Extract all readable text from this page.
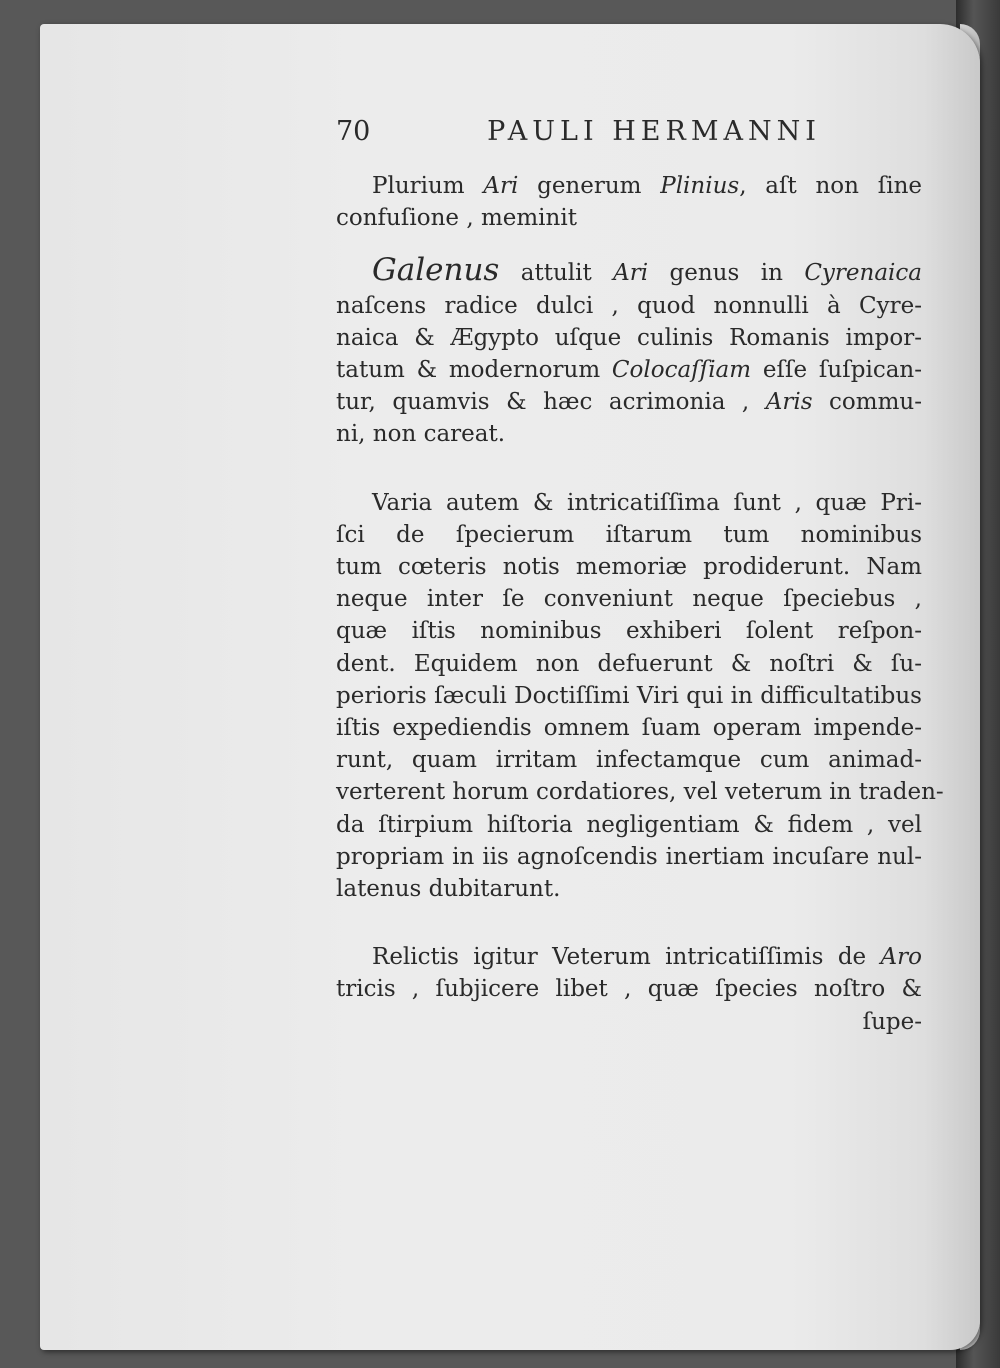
70	PAULI HERMANNI
Plurium Ari generum Plinius, aſt non ſine
confuſione , meminit
Galenus attulit Ari genus in Cyrenaica
naſcens radice dulci , quod nonnulli à Cyre-
naica & Ægypto uſque culinis Romanis impor-
tatum & modernorum Colocaſſiam eſſe ſuſpican-
tur, quamvis & hæc acrimonia , Aris commu-
ni, non careat.
Varia autem & intricatiſſima ſunt , quæ Pri-
ſci de ſpecierum iſtarum tum nominibus
tum cœteris notis memoriæ prodiderunt. Nam
neque inter ſe conveniunt neque ſpeciebus ,
quæ iſtis nominibus exhiberi ſolent reſpon-
dent. Equidem non defuerunt & noſtri & ſu-
perioris ſæculi Doctiſſimi Viri qui in difficultatibus
iſtis expediendis omnem ſuam operam impende-
runt, quam irritam infectamque cum animad-
verterent horum cordatiores, vel veterum in traden-
da ſtirpium hiſtoria negligentiam & fidem , vel
propriam in iis agnoſcendis inertiam incuſare nul-
latenus dubitarunt.
Relictis igitur Veterum intricatiſſimis de Aro
tricis , ſubjicere libet , quæ ſpecies noſtro &
ſupe-
